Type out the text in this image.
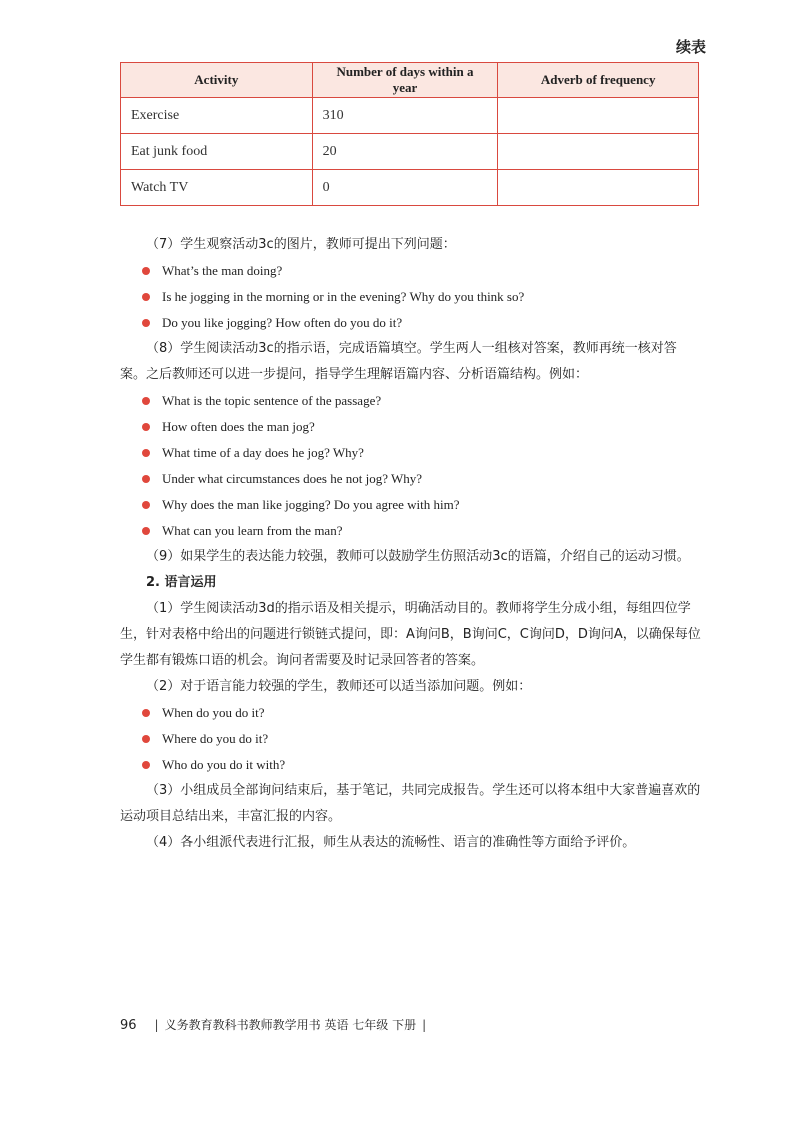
续表
Activity	Number of days within a year	Adverb of frequency
Exercise	310	
Eat junk food	20	
Watch TV	0	

（7）学生观察活动3c的图片，教师可提出下列问题：

What’s the man doing?

Is he jogging in the morning or in the evening? Why do you think so?

Do you like jogging? How often do you do it?

（8）学生阅读活动3c的指示语，完成语篇填空。学生两人一组核对答案，教师再统一核对答案。之后教师还可以进一步提问，指导学生理解语篇内容、分析语篇结构。例如：

What is the topic sentence of the passage?

How often does the man jog?

What time of a day does he jog? Why?

Under what circumstances does he not jog? Why?

Why does the man like jogging? Do you agree with him?

What can you learn from the man?

（9）如果学生的表达能力较强，教师可以鼓励学生仿照活动3c的语篇，介绍自己的运动习惯。

2. 语言运用

（1）学生阅读活动3d的指示语及相关提示，明确活动目的。教师将学生分成小组，每组四位学生，针对表格中给出的问题进行锁链式提问，即：A询问B，B询问C，C询问D，D询问A，以确保每位学生都有锻炼口语的机会。询问者需要及时记录回答者的答案。

（2）对于语言能力较强的学生，教师还可以适当添加问题。例如：

When do you do it?

Where do you do it?

Who do you do it with?

（3）小组成员全部询问结束后，基于笔记，共同完成报告。学生还可以将本组中大家普遍喜欢的运动项目总结出来，丰富汇报的内容。

（4）各小组派代表进行汇报，师生从表达的流畅性、语言的准确性等方面给予评价。

96 | 义务教育教科书教师教学用书 英语 七年级 下册 |
